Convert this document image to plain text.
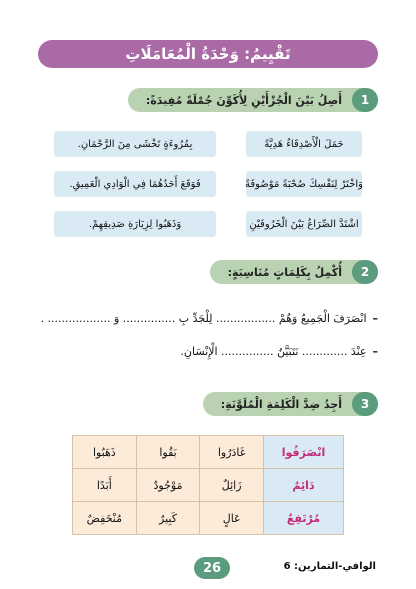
تَقْيِيمُ: وَحْدَةُ الْمُعَامَلَاتِ
أَصِلُ بَيْنَ الْجُزْأَيْنِ لِأُكَوِّنَ جُمْلَةً مُفِيدَةً:	1
حَمَلَ الْأَصْدِقَاءُ هَدِيَّةً
وَاخْتَرْ لِنَفْسِكَ صُحْبَةً مَوْصُوفَةً
اشْتَدَّ الصِّرَاعُ بَيْنَ الْخَرُوفَيْنِ
بِمُرُوءَةٍ تَخْشَى مِنَ الرَّحْمَانِ.
فَوَقَعَ أَحَدُهُمَا فِي الْوَادِي الْعَمِيقِ.
وَذَهَبُوا لِزِيَارَةِ صَدِيقِهِمْ.
أُكْمِلُ بِكَلِمَاتٍ مُنَاسِبَةٍ:	2
–انْصَرَفَ الْجَمِيعُ وَهُمْ ................. لِلْجَدِّ بِ ............... وَ .................. .
–عِنْدَ ............. نَتَبَيَّنُ ............... الْإِنْسَانِ.
أَجِدُ ضِدَّ الْكَلِمَةِ الْمُلَوَّنَةِ:	3
انْصَرَفُوا	غَادَرُوا	بَقُوا	ذَهَبُوا
دَائِمٌ	زَائِلٌ	مَوْجُودٌ	أَبَدًا
مُرْتَفِعٌ	عَالٍ	كَبِيرٌ	مُنْخَفِضٌ
26	الوافي-التمارين: 6
